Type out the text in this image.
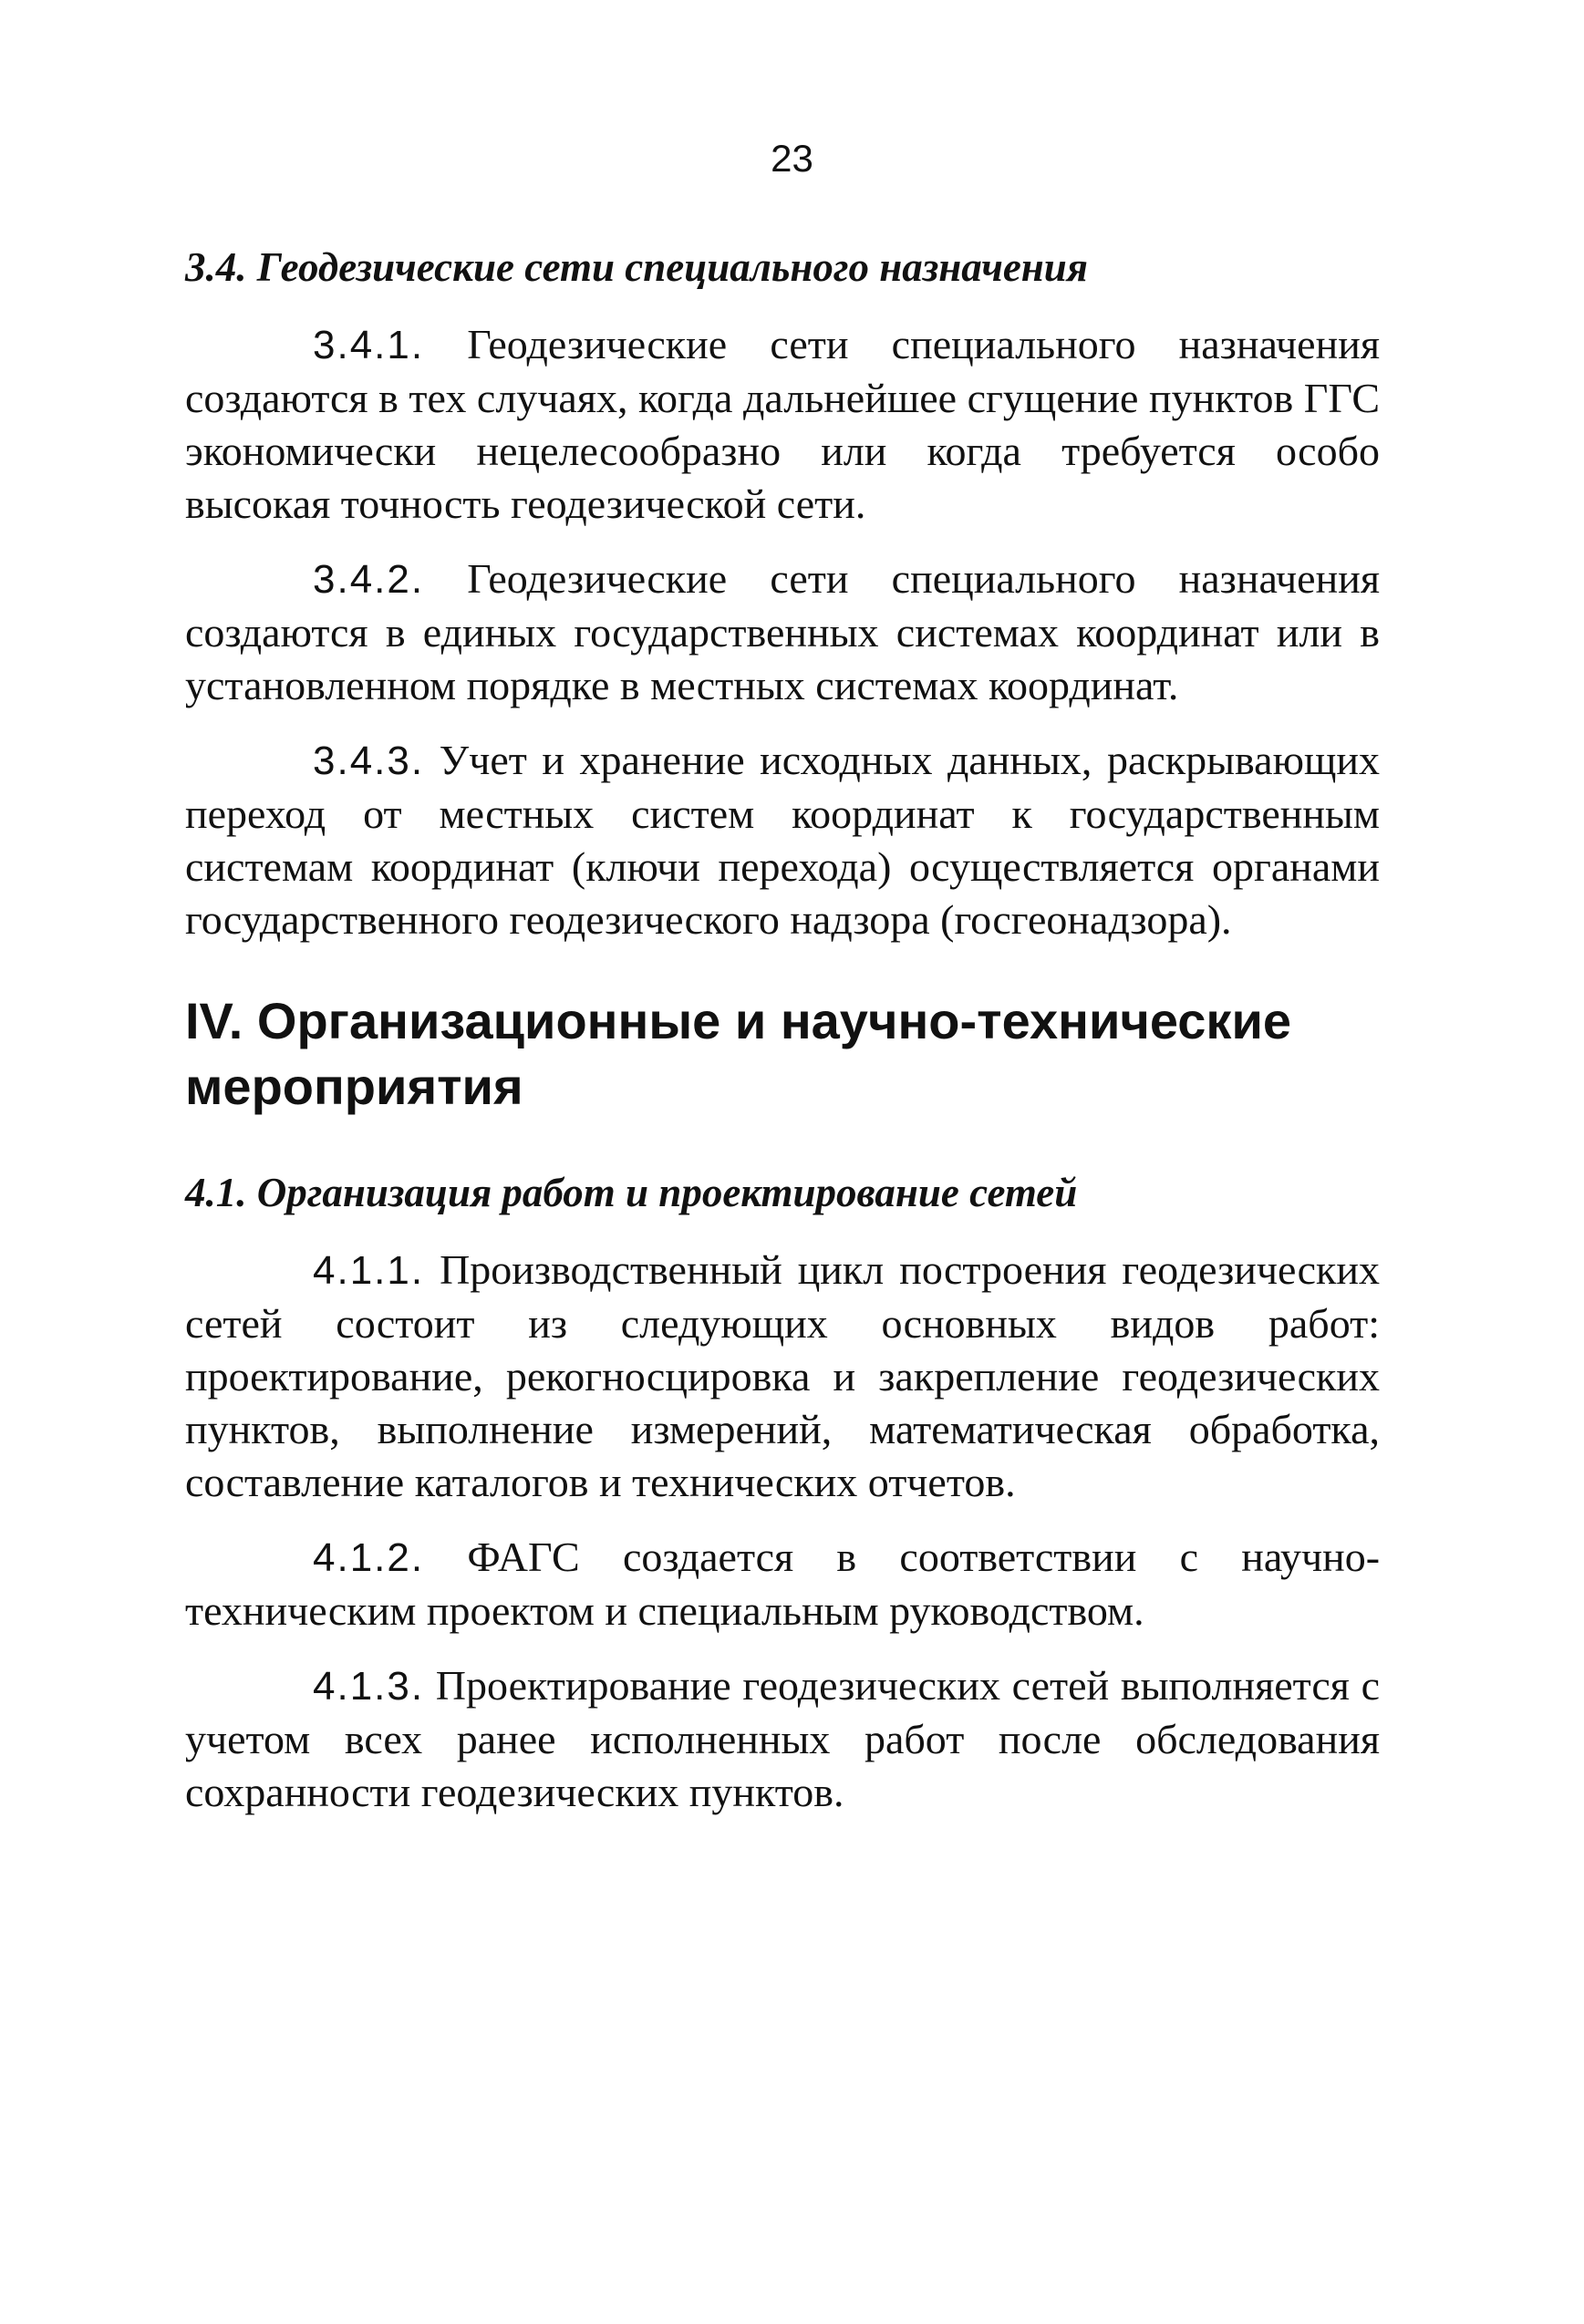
23
3.4. Геодезические сети специального назначения

3.4.1. Геодезические сети специального назначения создаются в тех случаях, когда дальнейшее сгущение пунктов ГГС экономически нецелесообразно или когда требуется особо высокая точность геодезической сети.

3.4.2. Геодезические сети специального назначения создаются в единых государственных системах координат или в установленном порядке в местных системах координат.

3.4.3. Учет и хранение исходных данных, раскрывающих переход от местных систем координат к государственным системам координат (ключи перехода) осуществляется органами государственного геодезического надзора (госгеонадзора).

IV. Организационные и научно-технические мероприятия
4.1. Организация работ и проектирование сетей

4.1.1. Производственный цикл построения геодезических сетей состоит из следующих основных видов работ: проектирование, рекогносцировка и закрепление геодезических пунктов, выполнение измерений, математическая обработка, составление каталогов и технических отчетов.

4.1.2. ФАГС создается в соответствии с научно-техническим проектом и специальным руководством.

4.1.3. Проектирование геодезических сетей выполняется с учетом всех ранее исполненных работ после обследования сохранности геодезических пунктов.
